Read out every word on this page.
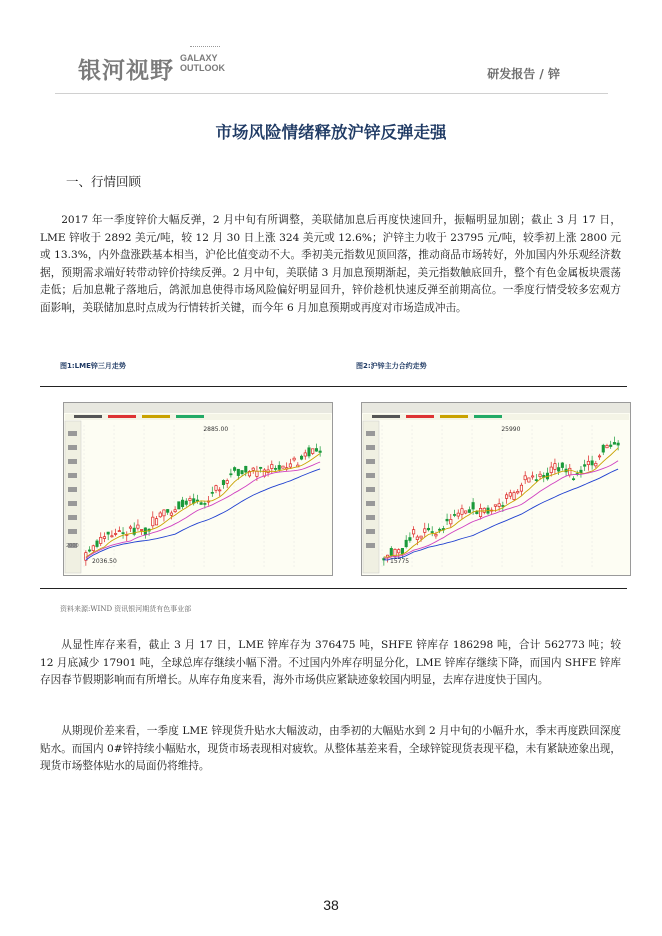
银河视野 GALAXY
OUTLOOK	研发报告 / 锌
市场风险情绪释放沪锌反弹走强
一、行情回顾

2017 年一季度锌价大幅反弹，2 月中旬有所调整，美联储加息后再度快速回升，振幅明显加剧；截止 3 月 17 日，LME 锌收于 2892 美元/吨，较 12 月 30 日上涨 324 美元或 12.6%；沪锌主力收于 23795 元/吨，较季初上涨 2800 元或 13.3%，内外盘涨跌基本相当，沪伦比值变动不大。季初美元指数见顶回落，推动商品市场转好，外加国内外乐观经济数据，预期需求端好转带动锌价持续反弹。2 月中旬，美联储 3 月加息预期渐起，美元指数触底回升，整个有色金属板块震荡走低；后加息靴子落地后，鸽派加息使得市场风险偏好明显回升，锌价趁机快速反弹至前期高位。一季度行情受较多宏观方面影响，美联储加息时点成为行情转折关键，而今年 6 月加息预期或再度对市场造成冲击。

图1:LME锌三月走势	图2:沪锌主力合约走势
2885.00
2036.50
2000
25990
15775
资料来源:WIND 资讯银河期货有色事业部

从显性库存来看，截止 3 月 17 日，LME 锌库存为 376475 吨，SHFE 锌库存 186298 吨，合计 562773 吨；较 12 月底减少 17901 吨，全球总库存继续小幅下滑。不过国内外库存明显分化，LME 锌库存继续下降，而国内 SHFE 锌库存因春节假期影响而有所增长。从库存角度来看，海外市场供应紧缺迹象较国内明显，去库存进度快于国内。

从期现价差来看，一季度 LME 锌现货升贴水大幅波动，由季初的大幅贴水到 2 月中旬的小幅升水，季末再度跌回深度贴水。而国内 0#锌持续小幅贴水，现货市场表现相对疲软。从整体基差来看，全球锌锭现货表现平稳，未有紧缺迹象出现，现货市场整体贴水的局面仍将维持。

38
